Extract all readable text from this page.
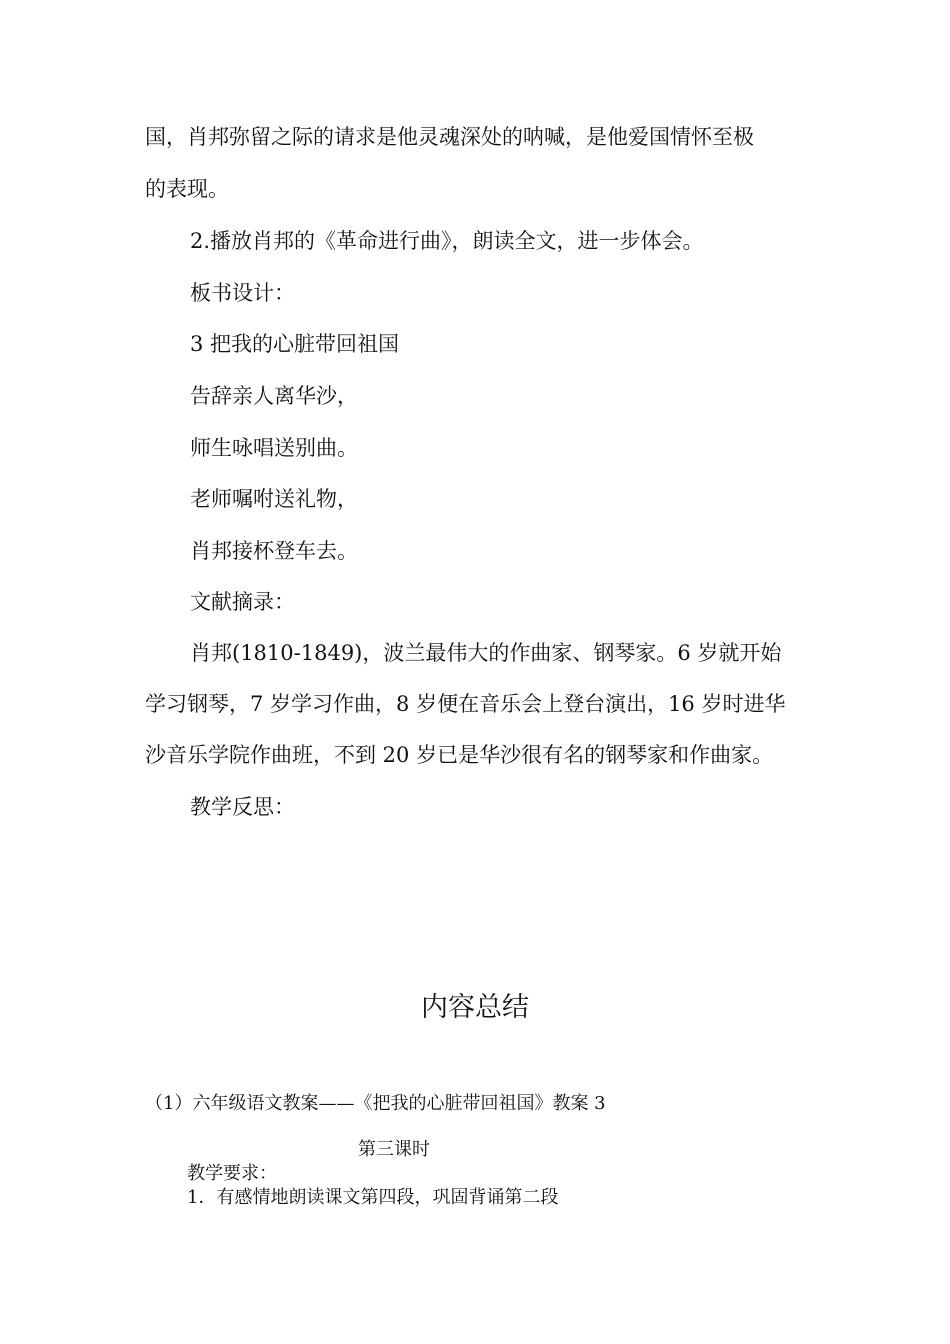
国，肖邦弥留之际的请求是他灵魂深处的呐喊，是他爱国情怀至极
的表现。
2.播放肖邦的《革命进行曲》，朗读全文，进一步体会。
板书设计：
3 把我的心脏带回祖国
告辞亲人离华沙，
师生咏唱送别曲。
老师嘱咐送礼物，
肖邦接杯登车去。
文献摘录：
肖邦(1810-1849)，波兰最伟大的作曲家、钢琴家。6 岁就开始
学习钢琴，7 岁学习作曲，8 岁便在音乐会上登台演出，16 岁时进华
沙音乐学院作曲班，不到 20 岁已是华沙很有名的钢琴家和作曲家。
教学反思：
内容总结
（1）六年级语文教案——《把我的心脏带回祖国》教案 3
第三课时
教学要求：
1．有感情地朗读课文第四段，巩固背诵第二段
